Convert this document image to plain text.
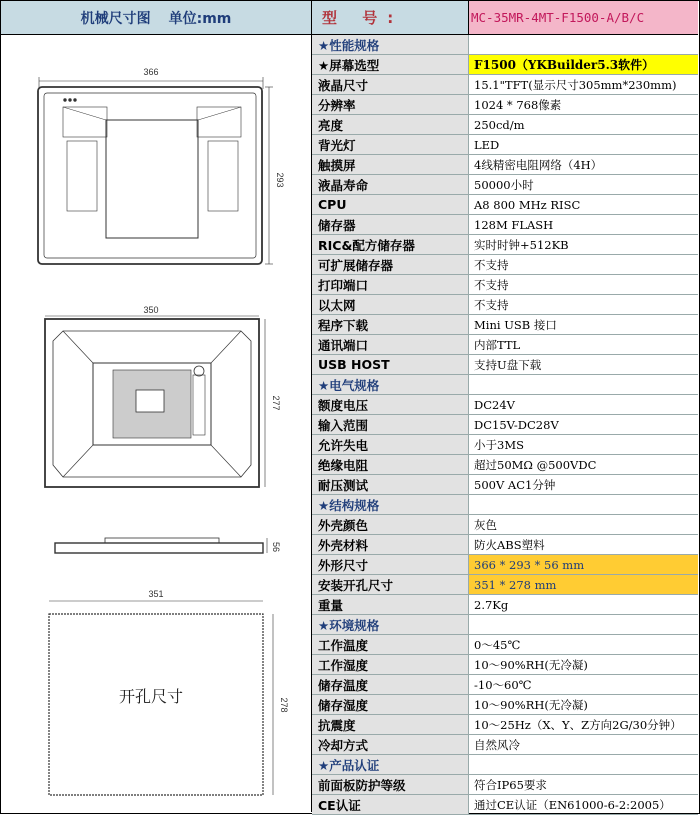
机械尺寸图 单位:mm
366
293
350
277
56
351
278
开孔尺寸
型 号:	MC-35MR-4MT-F1500-A/B/C
★性能规格
★屏幕选型	F1500（YKBuilder5.3软件）
液晶尺寸	15.1"TFT(显示尺寸305mm*230mm)
分辨率	1024 * 768像素
亮度	250cd/m
背光灯	LED
触摸屏	4线精密电阻网络（4H）
液晶寿命	50000小时
CPU	A8 800 MHz RISC
储存器	128M FLASH
RIC&配方储存器	实时时钟+512KB
可扩展储存器	不支持
打印端口	不支持
以太网	不支持
程序下载	Mini USB 接口
通讯端口	内部TTL
USB HOST	支持U盘下载
★电气规格
额度电压	DC24V
输入范围	DC15V-DC28V
允许失电	小于3MS
绝缘电阻	超过50MΩ @500VDC
耐压测试	500V AC1分钟
★结构规格
外壳颜色	灰色
外壳材料	防火ABS塑料
外形尺寸	366 * 293 * 56 mm
安装开孔尺寸	351 * 278 mm
重量	2.7Kg
★环境规格
工作温度	0～45℃
工作湿度	10～90%RH(无冷凝)
储存温度	-10～60℃
储存湿度	10～90%RH(无冷凝)
抗震度	10～25Hz（X、Y、Z方向2G/30分钟）
冷却方式	自然风冷
★产品认证
前面板防护等级	符合IP65要求
CE认证	通过CE认证（EN61000-6-2:2005）
